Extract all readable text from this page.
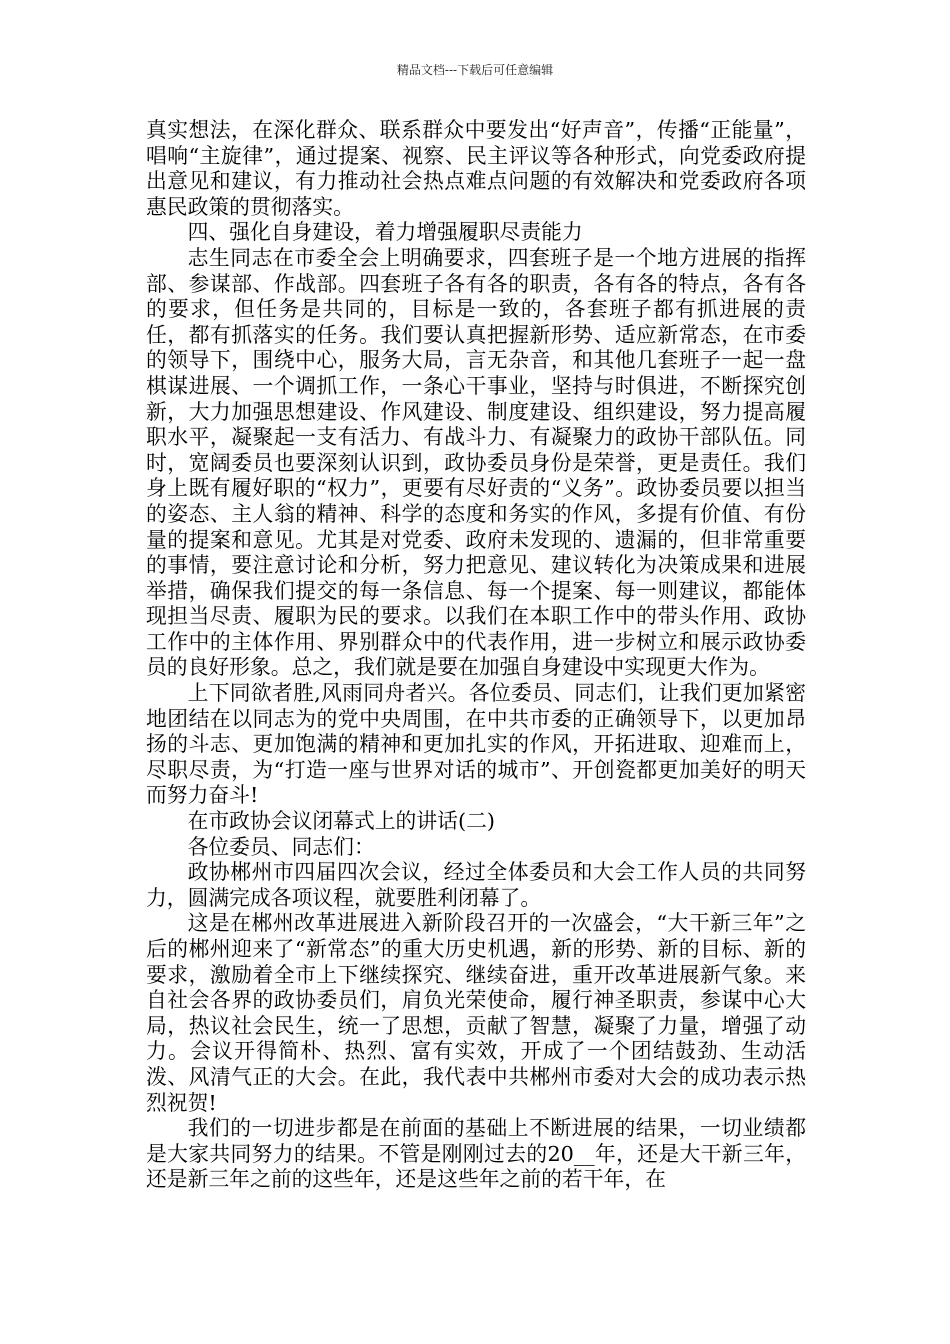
精品文档---下载后可任意编辑

真实想法，在深化群众、联系群众中要发出“好声音”，传播“正能量”，唱响“主旋律”，通过提案、视察、民主评议等各种形式，向党委政府提出意见和建议，有力推动社会热点难点问题的有效解决和党委政府各项惠民政策的贯彻落实。

四、强化自身建设，着力增强履职尽责能力

志生同志在市委全会上明确要求，四套班子是一个地方进展的指挥部、参谋部、作战部。四套班子各有各的职责，各有各的特点，各有各的要求，但任务是共同的，目标是一致的，各套班子都有抓进展的责任，都有抓落实的任务。我们要认真把握新形势、适应新常态，在市委的领导下，围绕中心，服务大局，言无杂音，和其他几套班子一起一盘棋谋进展、一个调抓工作，一条心干事业，坚持与时俱进，不断探究创新，大力加强思想建设、作风建设、制度建设、组织建设，努力提高履职水平，凝聚起一支有活力、有战斗力、有凝聚力的政协干部队伍。同时，宽阔委员也要深刻认识到，政协委员身份是荣誉，更是责任。我们身上既有履好职的“权力”，更要有尽好责的“义务”。政协委员要以担当的姿态、主人翁的精神、科学的态度和务实的作风，多提有价值、有份量的提案和意见。尤其是对党委、政府未发现的、遗漏的，但非常重要的事情，要注意讨论和分析，努力把意见、建议转化为决策成果和进展举措，确保我们提交的每一条信息、每一个提案、每一则建议，都能体现担当尽责、履职为民的要求。以我们在本职工作中的带头作用、政协工作中的主体作用、界别群众中的代表作用，进一步树立和展示政协委员的良好形象。总之，我们就是要在加强自身建设中实现更大作为。

上下同欲者胜,风雨同舟者兴。各位委员、同志们，让我们更加紧密地团结在以同志为的党中央周围，在中共市委的正确领导下，以更加昂扬的斗志、更加饱满的精神和更加扎实的作风，开拓进取、迎难而上，尽职尽责，为“打造一座与世界对话的城市”、开创瓷都更加美好的明天而努力奋斗!

在市政协会议闭幕式上的讲话(二)

各位委员、同志们：

政协郴州市四届四次会议，经过全体委员和大会工作人员的共同努力，圆满完成各项议程，就要胜利闭幕了。

这是在郴州改革进展进入新阶段召开的一次盛会，“大干新三年”之后的郴州迎来了“新常态”的重大历史机遇，新的形势、新的目标、新的要求，激励着全市上下继续探究、继续奋进，重开改革进展新气象。来自社会各界的政协委员们，肩负光荣使命，履行神圣职责，参谋中心大局，热议社会民生，统一了思想，贡献了智慧，凝聚了力量，增强了动力。会议开得简朴、热烈、富有实效，开成了一个团结鼓劲、生动活泼、风清气正的大会。在此，我代表中共郴州市委对大会的成功表示热烈祝贺!

我们的一切进步都是在前面的基础上不断进展的结果，一切业绩都是大家共同努力的结果。不管是刚刚过去的20__年，还是大干新三年，还是新三年之前的这些年，还是这些年之前的若干年，在
